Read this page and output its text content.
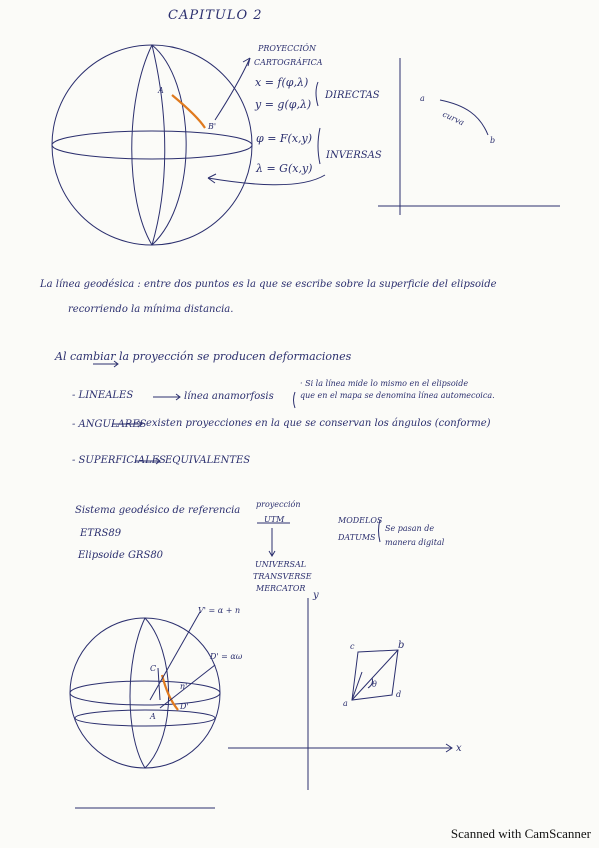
CAPITULO 2
PROYECCIÓN
CARTOGRÁFICA
x = f(φ,λ)
y = g(φ,λ)
DIRECTAS
φ = F(x,y)
λ = G(x,y)
INVERSAS
A
B'
a
b
curva
La línea geodésica : entre dos puntos es la que se escribe sobre la superficie del elipsoide
recorriendo la mínima distancia.
Al cambiar la proyección se producen deformaciones
- LINEALES	línea anamorfosis
· Si la línea mide lo mismo en el elipsoide
que en el mapa se denomina línea automecoica.
- ANGULARES existen proyecciones en la que se conservan los ángulos (conforme)
- SUPERFICIALES EQUIVALENTES
Sistema geodésico de referencia
ETRS89
Elipsoide GRS80
proyección
UTM
UNIVERSAL
TRANSVERSE
MERCATOR
MODELOS
DATUMS
Se pasan de
manera digital
V' = α + n
D' = αω
C
A
n'
D'
y
x
a
b
c
d
θ
Scanned with CamScanner
